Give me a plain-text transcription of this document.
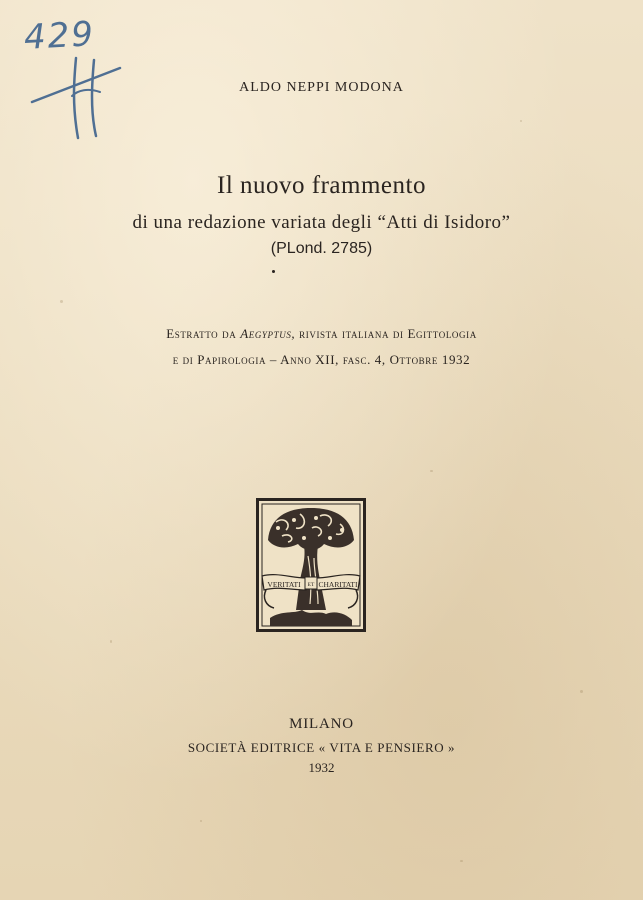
429
ALDO NEPPI MODONA
Il nuovo frammento
di una redazione variata degli “Atti di Isidoro”
(PLond. 2785)
Estratto da Aegyptus, rivista italiana di Egittologia
e di Papirologia – Anno XII, fasc. 4, Ottobre 1932
VERITATI ET CHARITATI
MILANO
SOCIETÀ EDITRICE « VITA E PENSIERO »
1932
